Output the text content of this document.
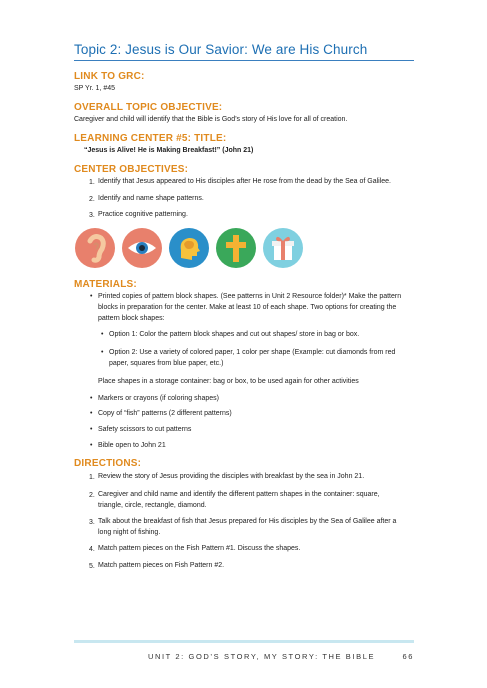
Topic 2: Jesus is Our Savior: We are His Church
LINK TO GRC:
SP Yr. 1, #45
OVERALL TOPIC OBJECTIVE:
Caregiver and child will identify that the Bible is God’s story of His love for all of creation.
LEARNING CENTER #5: TITLE:
“Jesus is Alive! He is Making Breakfast!” (John 21)
CENTER OBJECTIVES:
1. Identify that Jesus appeared to His disciples after He rose from the dead by the Sea of Galilee.
2. Identify and name shape patterns.
3. Practice cognitive patterning.
MATERIALS:
• Printed copies of pattern block shapes. (See patterns in Unit 2 Resource folder)* Make the pattern
blocks in preparation for the center. Make at least 10 of each shape. Two options for creating the
pattern block shapes:
• Option 1: Color the pattern block shapes and cut out shapes/ store in bag or box.
• Option 2: Use a variety of colored paper, 1 color per shape (Example: cut diamonds from red
paper, squares from blue paper, etc.)
Place shapes in a storage container: bag or box, to be used again for other activities
• Markers or crayons (if coloring shapes)
• Copy of “fish” patterns (2 different patterns)
• Safety scissors to cut patterns
• Bible open to John 21
DIRECTIONS:
1. Review the story of Jesus providing the disciples with breakfast by the sea in John 21.
2. Caregiver and child name and identify the different pattern shapes in the container: square,
triangle, circle, rectangle, diamond.
3. Talk about the breakfast of fish that Jesus prepared for His disciples by the Sea of Galilee after a
long night of fishing.
4. Match pattern pieces on the Fish Pattern #1. Discuss the shapes.
5. Match pattern pieces on Fish Pattern #2.
UNIT 2: GOD’S STORY, MY STORY: THE BIBLE	66
